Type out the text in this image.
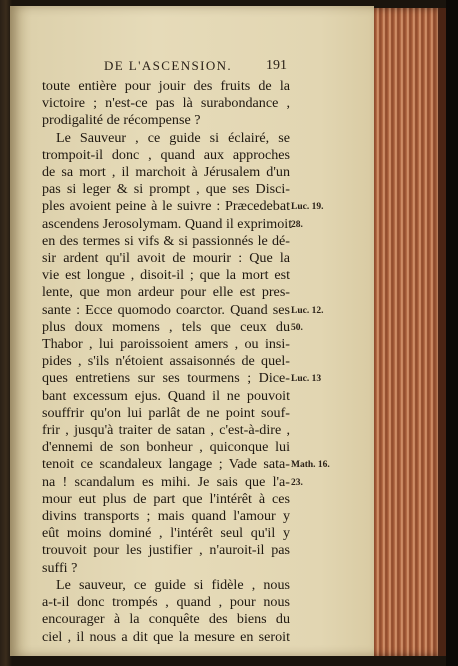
DE L'ASCENSION. 191
toute entière pour jouir des fruits de la
victoire ; n'est-ce pas là surabondance ,
prodigalité de récompense ?
Le Sauveur , ce guide si éclairé, se
trompoit-il donc , quand aux approches
de sa mort , il marchoit à Jérusalem d'un
pas si leger & si prompt , que ses Disci-
ples avoient peine à le suivre : Præcedebat
ascendens Jerosolymam. Quand il exprimoit
en des termes si vifs & si passionnés le dé-
sir ardent qu'il avoit de mourir : Que la
vie est longue , disoit-il ; que la mort est
lente, que mon ardeur pour elle est pres-
sante : Ecce quomodo coarctor. Quand ses
plus doux momens , tels que ceux du
Thabor , lui paroissoient amers , ou insi-
pides , s'ils n'étoient assaisonnés de quel-
ques entretiens sur ses tourmens ; Dice-
bant excessum ejus. Quand il ne pouvoit
souffrir qu'on lui parlât de ne point souf-
frir , jusqu'à traiter de satan , c'est-à-dire ,
d'ennemi de son bonheur , quiconque lui
tenoit ce scandaleux langage ; Vade sata-
na ! scandalum es mihi. Je sais que l'a-
mour eut plus de part que l'intérêt à ces
divins transports ; mais quand l'amour y
eût moins dominé , l'intérêt seul qu'il y
trouvoit pour les justifier , n'auroit-il pas
suffi ?
Le sauveur, ce guide si fidèle , nous
a-t-il donc trompés , quand , pour nous
encourager à la conquête des biens du
ciel , il nous a dit que la mesure en seroit
Luc. 19.
28.
Luc. 12.
50.
Luc. 13
Math. 16.
23.
